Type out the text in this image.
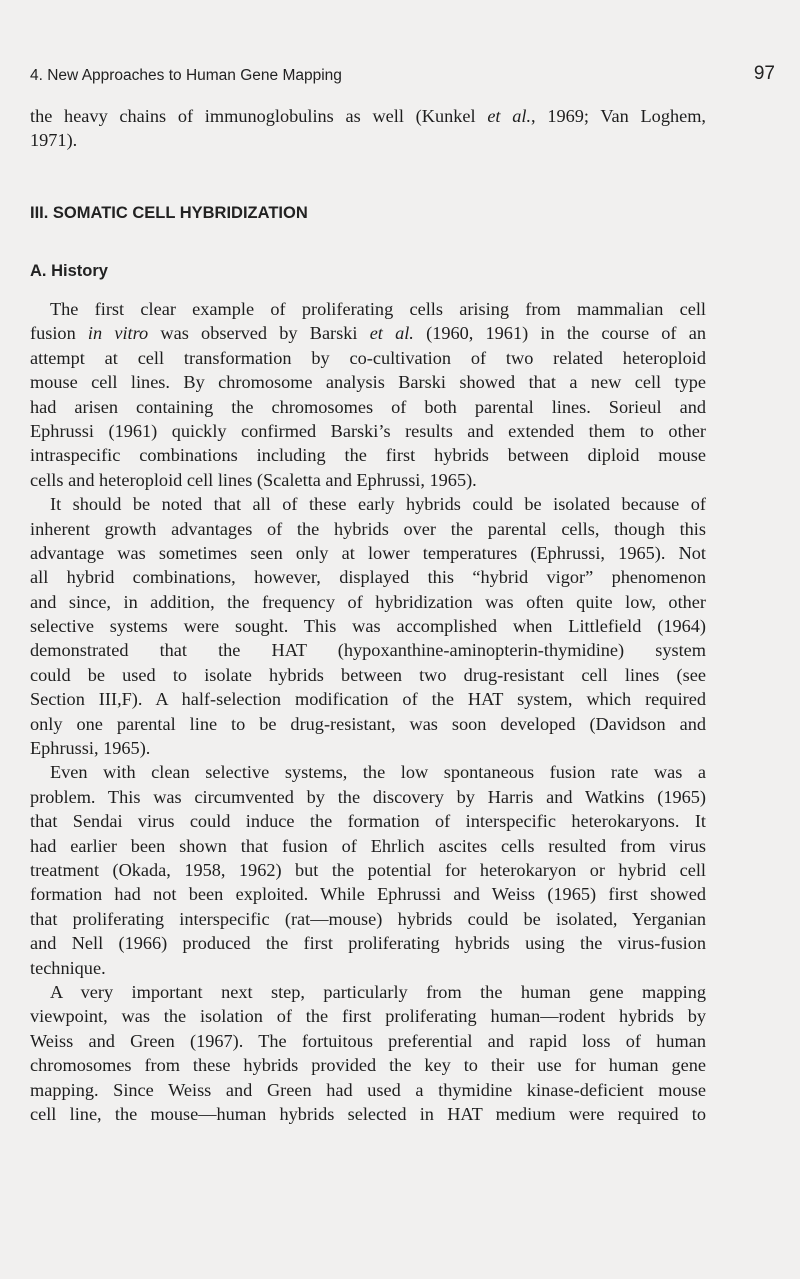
4. New Approaches to Human Gene Mapping	97
the heavy chains of immunoglobulins as well (Kunkel et al., 1969; Van Loghem,
1971).
III. SOMATIC CELL HYBRIDIZATION
A. History
The first clear example of proliferating cells arising from mammalian cell
fusion in vitro was observed by Barski et al. (1960, 1961) in the course of an
attempt at cell transformation by co-cultivation of two related heteroploid
mouse cell lines. By chromosome analysis Barski showed that a new cell type
had arisen containing the chromosomes of both parental lines. Sorieul and
Ephrussi (1961) quickly confirmed Barski’s results and extended them to other
intraspecific combinations including the first hybrids between diploid mouse
cells and heteroploid cell lines (Scaletta and Ephrussi, 1965).
It should be noted that all of these early hybrids could be isolated because of
inherent growth advantages of the hybrids over the parental cells, though this
advantage was sometimes seen only at lower temperatures (Ephrussi, 1965). Not
all hybrid combinations, however, displayed this “hybrid vigor” phenomenon
and since, in addition, the frequency of hybridization was often quite low, other
selective systems were sought. This was accomplished when Littlefield (1964)
demonstrated that the HAT (hypoxanthine-aminopterin-thymidine) system
could be used to isolate hybrids between two drug-resistant cell lines (see
Section III,F). A half-selection modification of the HAT system, which required
only one parental line to be drug-resistant, was soon developed (Davidson and
Ephrussi, 1965).
Even with clean selective systems, the low spontaneous fusion rate was a
problem. This was circumvented by the discovery by Harris and Watkins (1965)
that Sendai virus could induce the formation of interspecific heterokaryons. It
had earlier been shown that fusion of Ehrlich ascites cells resulted from virus
treatment (Okada, 1958, 1962) but the potential for heterokaryon or hybrid cell
formation had not been exploited. While Ephrussi and Weiss (1965) first showed
that proliferating interspecific (rat—mouse) hybrids could be isolated, Yerganian
and Nell (1966) produced the first proliferating hybrids using the virus-fusion
technique.
A very important next step, particularly from the human gene mapping
viewpoint, was the isolation of the first proliferating human—rodent hybrids by
Weiss and Green (1967). The fortuitous preferential and rapid loss of human
chromosomes from these hybrids provided the key to their use for human gene
mapping. Since Weiss and Green had used a thymidine kinase-deficient mouse
cell line, the mouse—human hybrids selected in HAT medium were required to
